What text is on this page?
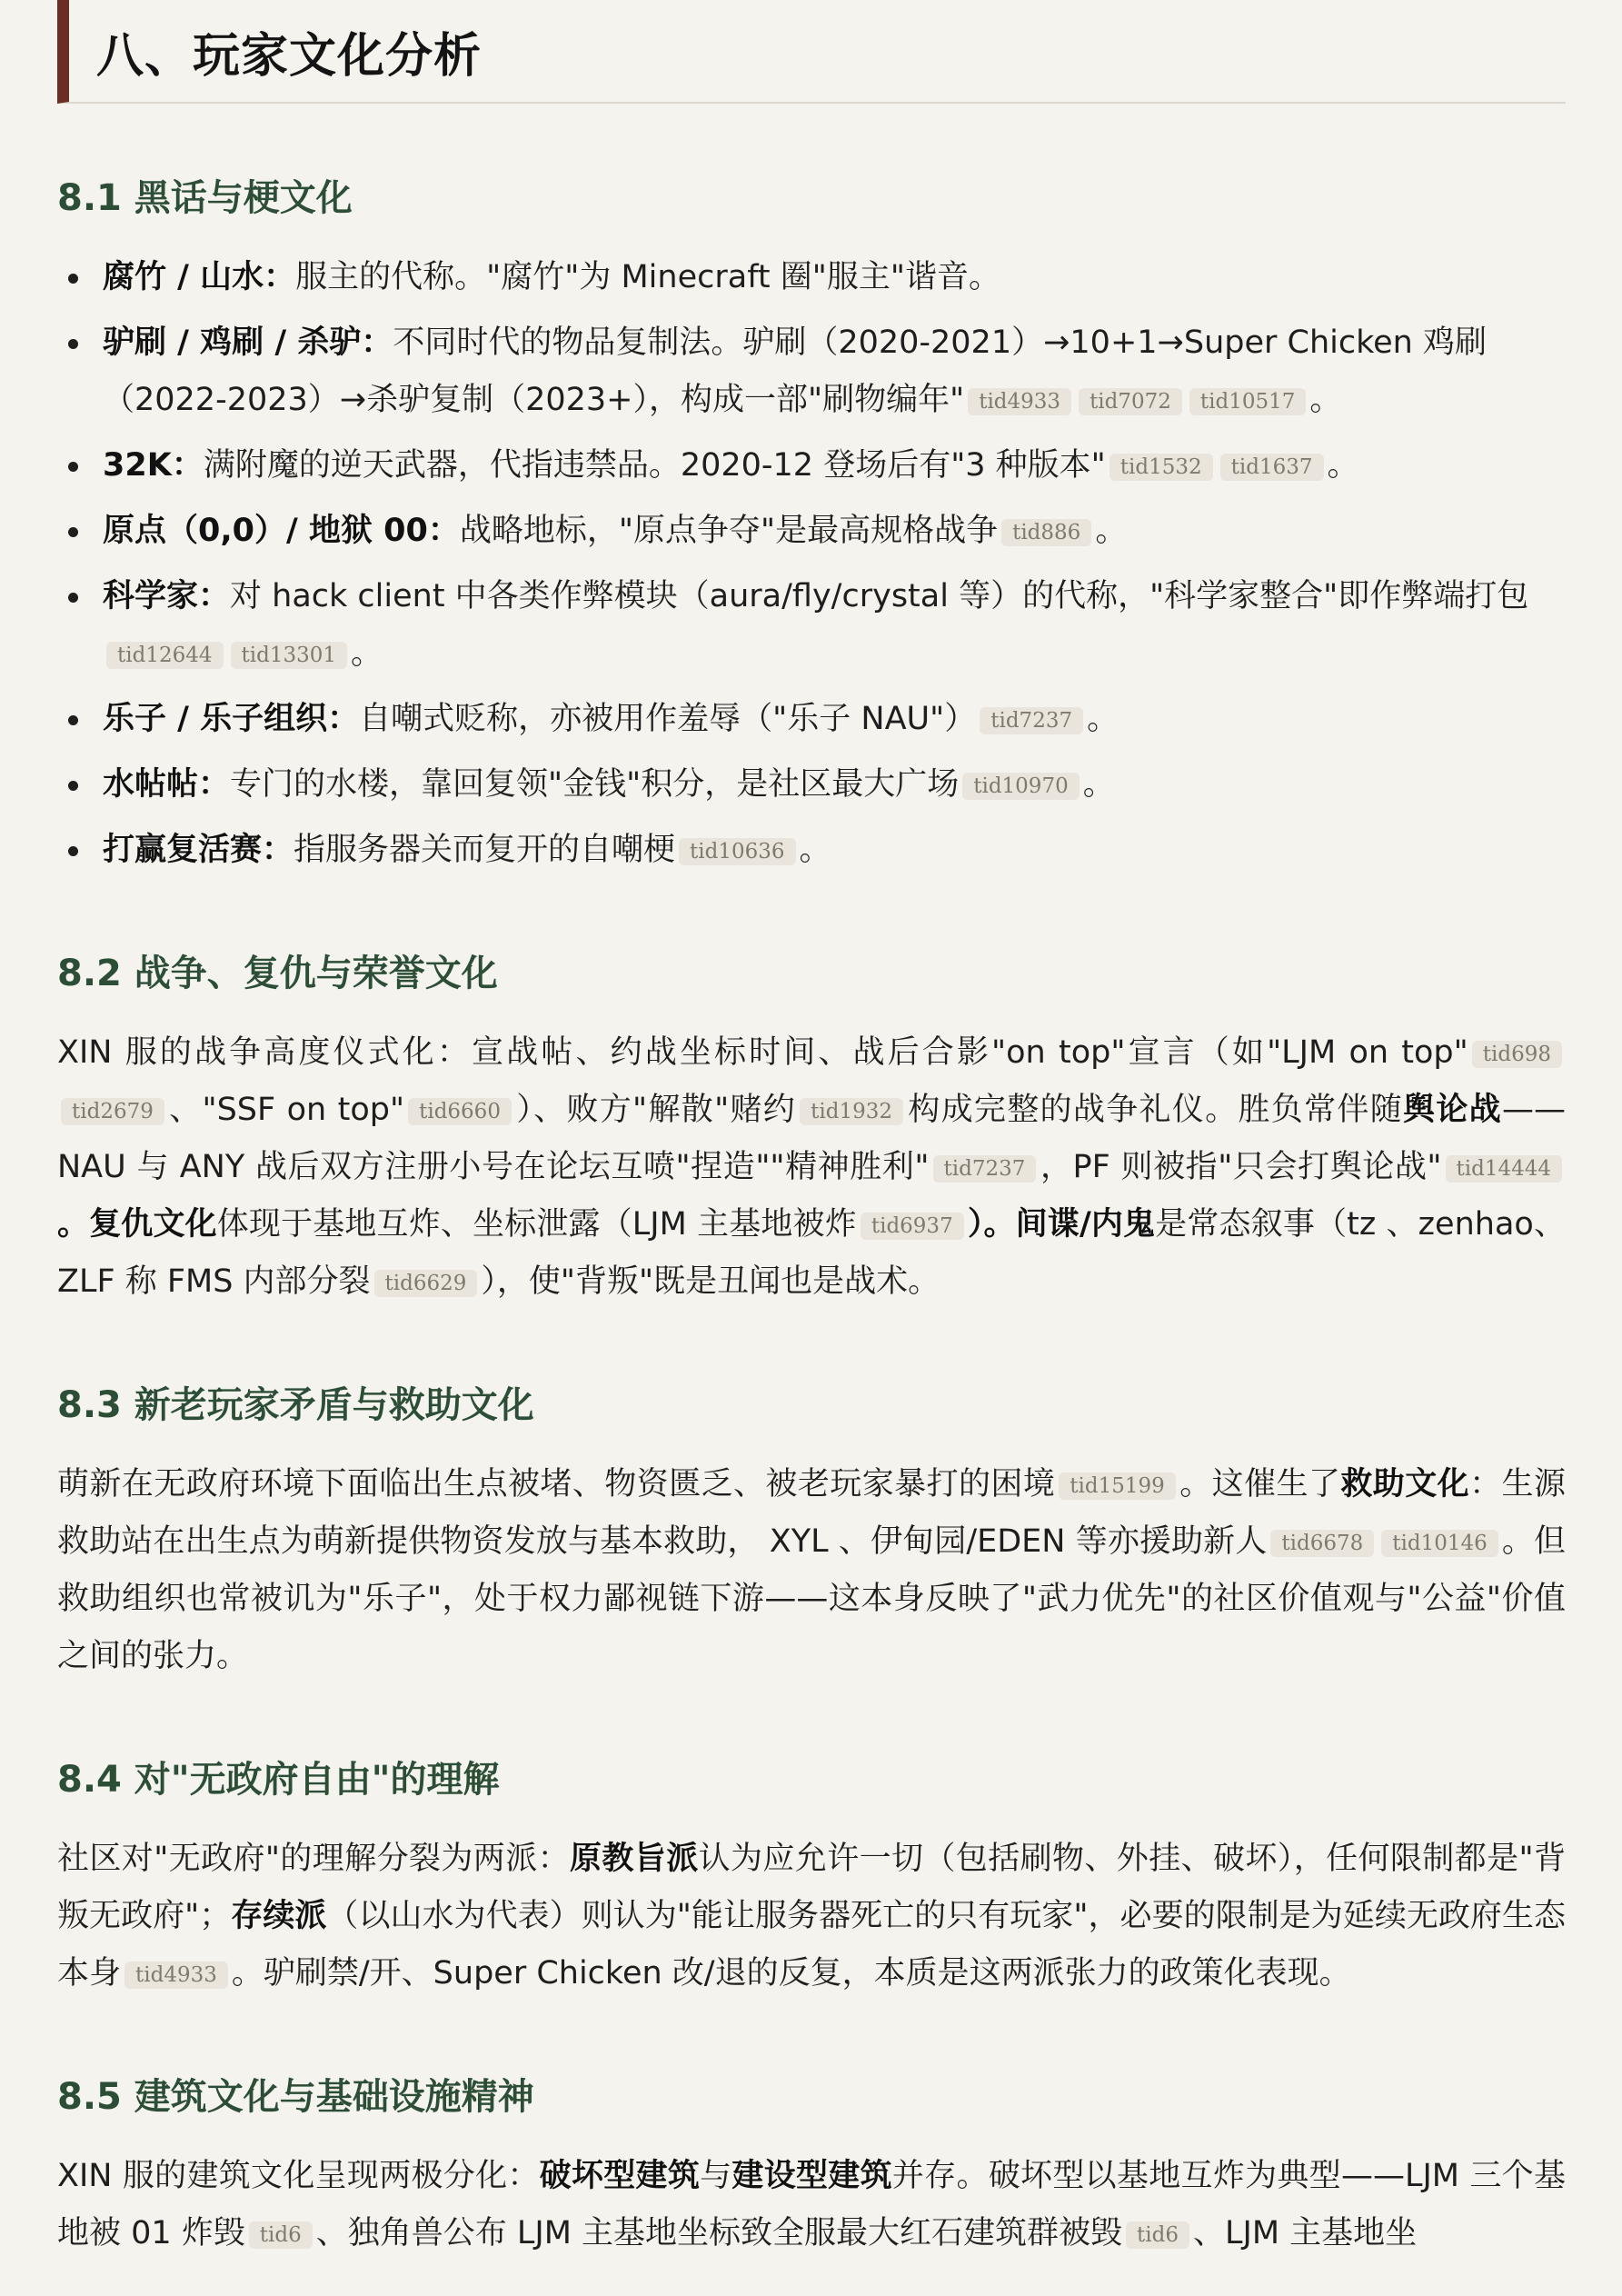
八、玩家文化分析
8.1 黑话与梗文化
腐竹 / 山水：服主的代称。"腐竹"为 Minecraft 圈"服主"谐音。
驴刷 / 鸡刷 / 杀驴：不同时代的物品复制法。驴刷（2020-2021）→10+1→Super Chicken 鸡刷（2022-2023）→杀驴复制（2023+），构成一部"刷物编年" tid4933 tid7072 tid10517 。
32K：满附魔的逆天武器，代指违禁品。2020-12 登场后有"3 种版本" tid1532 tid1637 。
原点（0,0）/ 地狱 00：战略地标，"原点争夺"是最高规格战争 tid886 。
科学家：对 hack client 中各类作弊模块（aura/fly/crystal 等）的代称，"科学家整合"即作弊端打包tid12644 tid13301 。
乐子 / 乐子组织：自嘲式贬称，亦被用作羞辱（"乐子 NAU"） tid7237 。
水帖帖：专门的水楼，靠回复领"金钱"积分，是社区最大广场 tid10970 。
打赢复活赛：指服务器关而复开的自嘲梗 tid10636 。
8.2 战争、复仇与荣誉文化

XIN 服的战争高度仪式化：宣战帖、约战坐标时间、战后合影"on top"宣言（如"LJM on top" tid698tid2679 、"SSF on top" tid6660 ）、败方"解散"赌约 tid1932 构成完整的战争礼仪。胜负常伴随舆论战——NAU 与 ANY 战后双方注册小号在论坛互喷"捏造""精神胜利" tid7237 ，PF 则被指"只会打舆论战" tid14444。复仇文化体现于基地互炸、坐标泄露（LJM 主基地被炸 tid6937 ）。间谍/内鬼是常态叙事（tz 、zenhao、ZLF 称 FMS 内部分裂 tid6629 ），使"背叛"既是丑闻也是战术。

8.3 新老玩家矛盾与救助文化

萌新在无政府环境下面临出生点被堵、物资匮乏、被老玩家暴打的困境 tid15199 。这催生了救助文化：生源救助站在出生点为萌新提供物资发放与基本救助， XYL 、伊甸园/EDEN 等亦援助新人 tid6678 tid10146 。但救助组织也常被讥为"乐子"，处于权力鄙视链下游——这本身反映了"武力优先"的社区价值观与"公益"价值之间的张力。

8.4 对"无政府自由"的理解

社区对"无政府"的理解分裂为两派：原教旨派认为应允许一切（包括刷物、外挂、破坏），任何限制都是"背叛无政府"；存续派（以山水为代表）则认为"能让服务器死亡的只有玩家"，必要的限制是为延续无政府生态本身 tid4933 。驴刷禁/开、Super Chicken 改/退的反复，本质是这两派张力的政策化表现。

8.5 建筑文化与基础设施精神

XIN 服的建筑文化呈现两极分化：破坏型建筑与建设型建筑并存。破坏型以基地互炸为典型——LJM 三个基地被 01 炸毁 tid6 、独角兽公布 LJM 主基地坐标致全服最大红石建筑群被毁 tid6 、LJM 主基地坐
